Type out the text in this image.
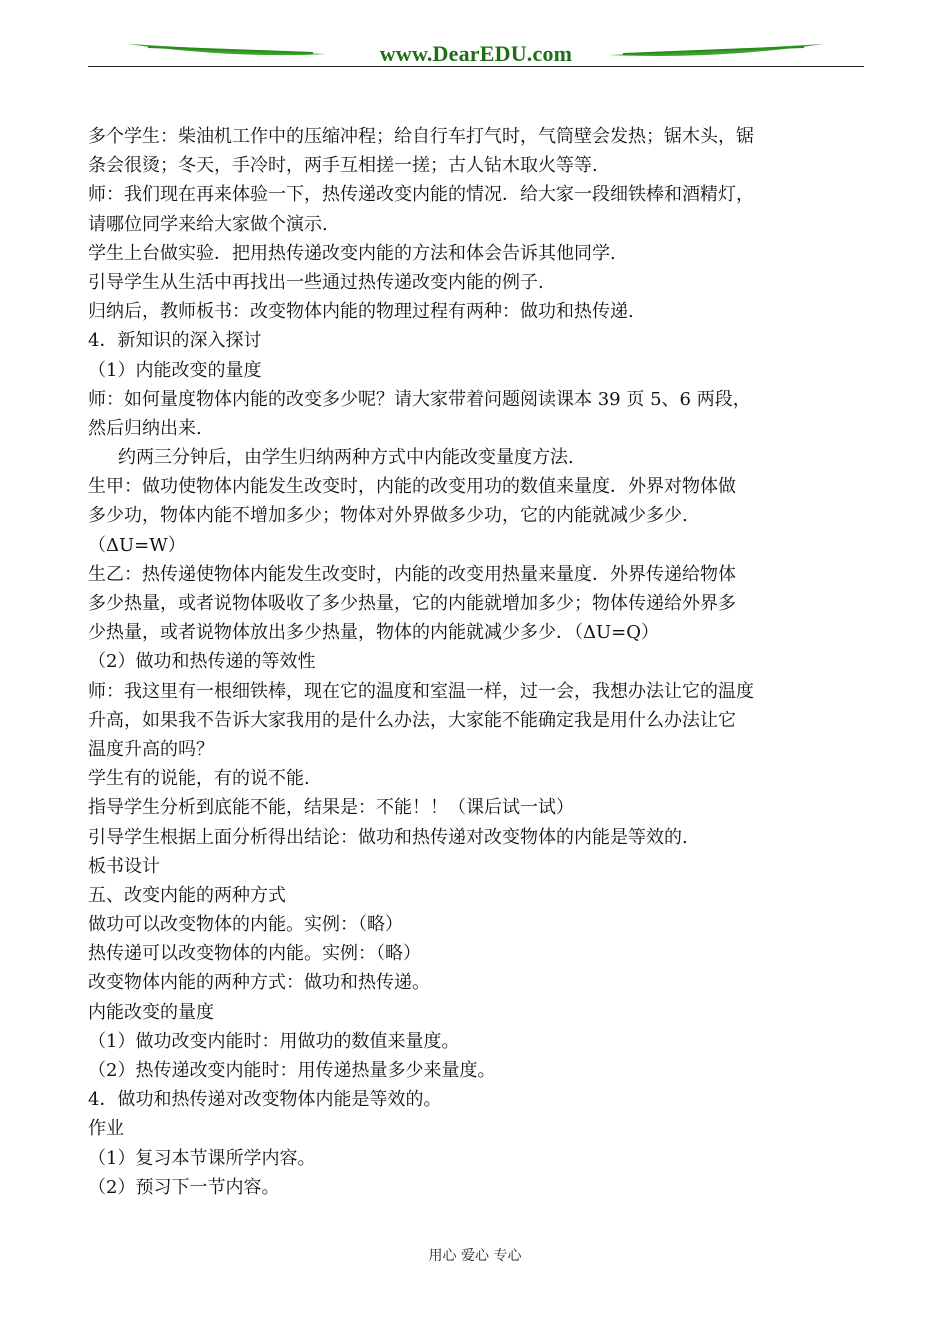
www.DearEDU.com
多个学生：柴油机工作中的压缩冲程；给自行车打气时，气筒壁会发热；锯木头，锯
条会很烫；冬天，手冷时，两手互相搓一搓；古人钻木取火等等.
师：我们现在再来体验一下，热传递改变内能的情况．给大家一段细铁棒和酒精灯，
请哪位同学来给大家做个演示.
学生上台做实验．把用热传递改变内能的方法和体会告诉其他同学.
引导学生从生活中再找出一些通过热传递改变内能的例子.
归纳后，教师板书：改变物体内能的物理过程有两种：做功和热传递.
4．新知识的深入探讨
（1）内能改变的量度
师：如何量度物体内能的改变多少呢？请大家带着问题阅读课本 39 页 5、6 两段，
然后归纳出来.
约两三分钟后，由学生归纳两种方式中内能改变量度方法.
生甲：做功使物体内能发生改变时，内能的改变用功的数值来量度．外界对物体做
多少功，物体内能不增加多少；物体对外界做多少功，它的内能就减少多少.
（ΔU=W）
生乙：热传递使物体内能发生改变时，内能的改变用热量来量度．外界传递给物体
多少热量，或者说物体吸收了多少热量，它的内能就增加多少；物体传递给外界多
少热量，或者说物体放出多少热量，物体的内能就减少多少．（ΔU=Q）
（2）做功和热传递的等效性
师：我这里有一根细铁棒，现在它的温度和室温一样，过一会，我想办法让它的温度
升高，如果我不告诉大家我用的是什么办法，大家能不能确定我是用什么办法让它
温度升高的吗？
学生有的说能，有的说不能.
指导学生分析到底能不能，结果是：不能！！（课后试一试）
引导学生根据上面分析得出结论：做功和热传递对改变物体的内能是等效的.
板书设计
五、改变内能的两种方式
做功可以改变物体的内能。实例：（略）
热传递可以改变物体的内能。实例：（略）
改变物体内能的两种方式：做功和热传递。
内能改变的量度
（1）做功改变内能时：用做功的数值来量度。
（2）热传递改变内能时：用传递热量多少来量度。
4．做功和热传递对改变物体内能是等效的。
作业
（1）复习本节课所学内容。
（2）预习下一节内容。
用心 爱心 专心
